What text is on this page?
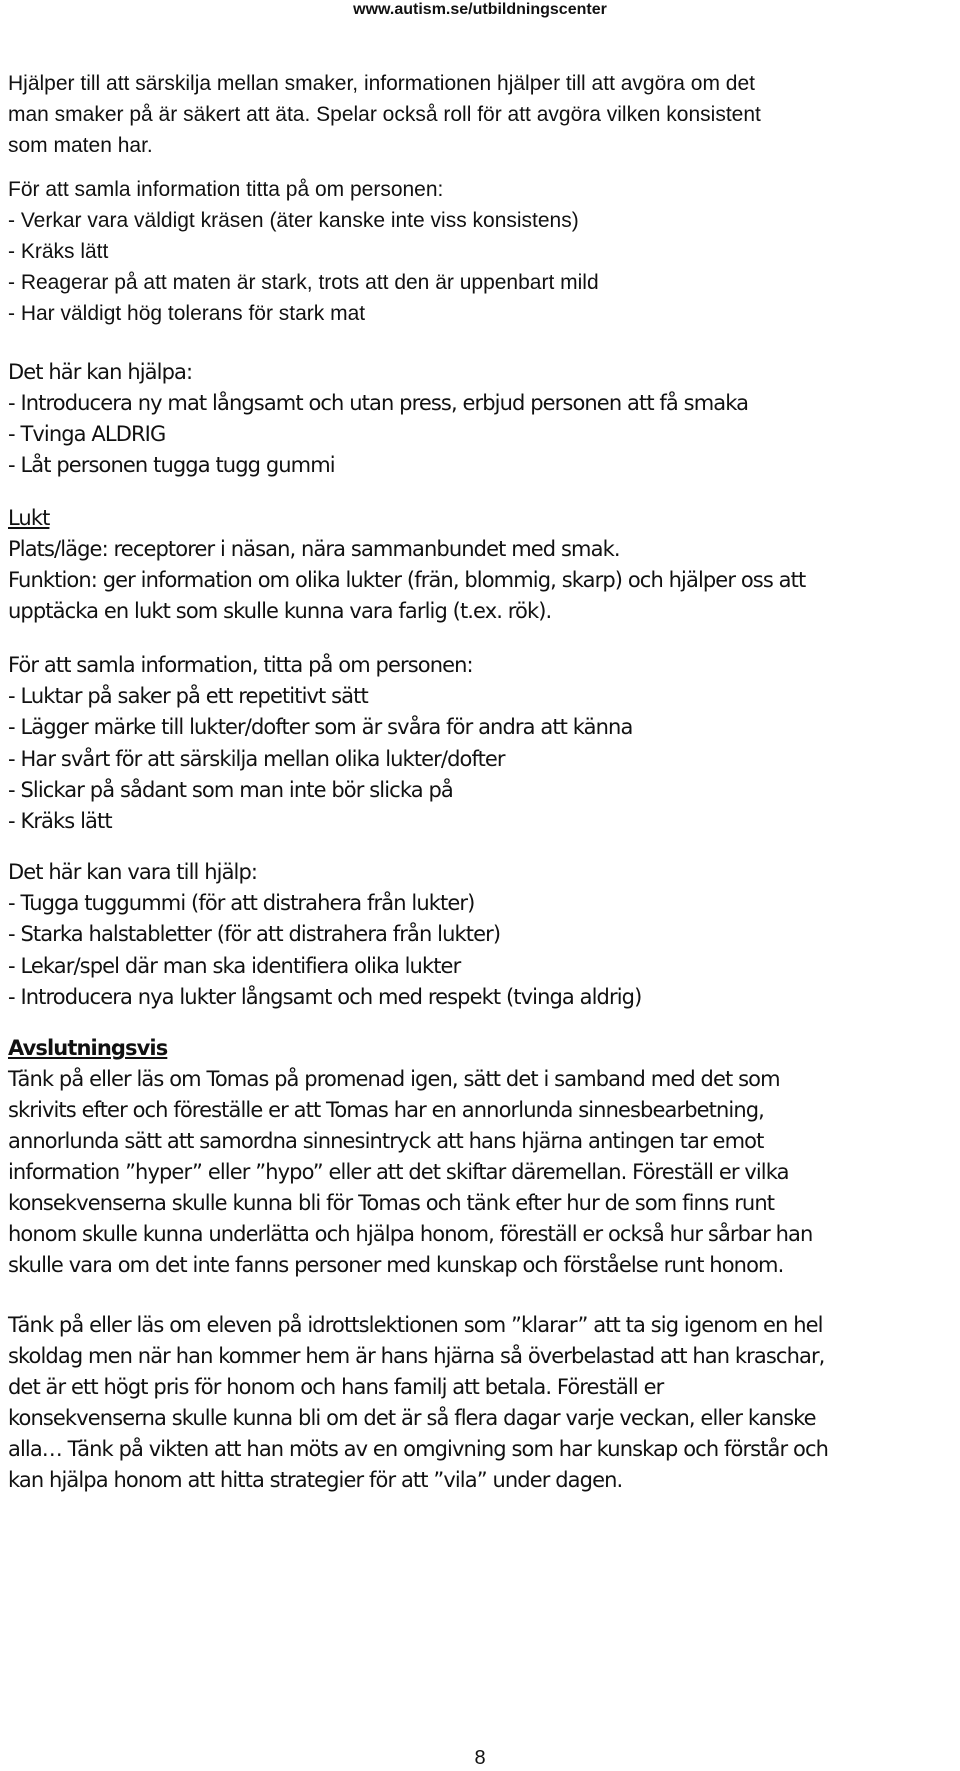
www.autism.se/utbildningscenter
Hjälper till att särskilja mellan smaker, informationen hjälper till att avgöra om det
man smaker på är säkert att äta. Spelar också roll för att avgöra vilken konsistent
som maten har.
För att samla information titta på om personen:
- Verkar vara väldigt kräsen (äter kanske inte viss konsistens)
- Kräks lätt
- Reagerar på att maten är stark, trots att den är uppenbart mild
- Har väldigt hög tolerans för stark mat
Det här kan hjälpa:
- Introducera ny mat långsamt och utan press, erbjud personen att få smaka
- Tvinga ALDRIG
- Låt personen tugga tugg gummi
Lukt
Plats/läge: receptorer i näsan, nära sammanbundet med smak.
Funktion: ger information om olika lukter (frän, blommig, skarp) och hjälper oss att
upptäcka en lukt som skulle kunna vara farlig (t.ex. rök).
För att samla information, titta på om personen:
- Luktar på saker på ett repetitivt sätt
- Lägger märke till lukter/dofter som är svåra för andra att känna
- Har svårt för att särskilja mellan olika lukter/dofter
- Slickar på sådant som man inte bör slicka på
- Kräks lätt
Det här kan vara till hjälp:
- Tugga tuggummi (för att distrahera från lukter)
- Starka halstabletter (för att distrahera från lukter)
- Lekar/spel där man ska identifiera olika lukter
- Introducera nya lukter långsamt och med respekt (tvinga aldrig)
Avslutningsvis
Tänk på eller läs om Tomas på promenad igen, sätt det i samband med det som
skrivits efter och föreställe er att Tomas har en annorlunda sinnesbearbetning,
annorlunda sätt att samordna sinnesintryck att hans hjärna antingen tar emot
information ”hyper” eller ”hypo” eller att det skiftar däremellan. Föreställ er vilka
konsekvenserna skulle kunna bli för Tomas och tänk efter hur de som finns runt
honom skulle kunna underlätta och hjälpa honom, föreställ er också hur sårbar han
skulle vara om det inte fanns personer med kunskap och förståelse runt honom.
Tänk på eller läs om eleven på idrottslektionen som ”klarar” att ta sig igenom en hel
skoldag men när han kommer hem är hans hjärna så överbelastad att han kraschar,
det är ett högt pris för honom och hans familj att betala. Föreställ er
konsekvenserna skulle kunna bli om det är så flera dagar varje veckan, eller kanske
alla… Tänk på vikten att han möts av en omgivning som har kunskap och förstår och
kan hjälpa honom att hitta strategier för att ”vila” under dagen.
8
